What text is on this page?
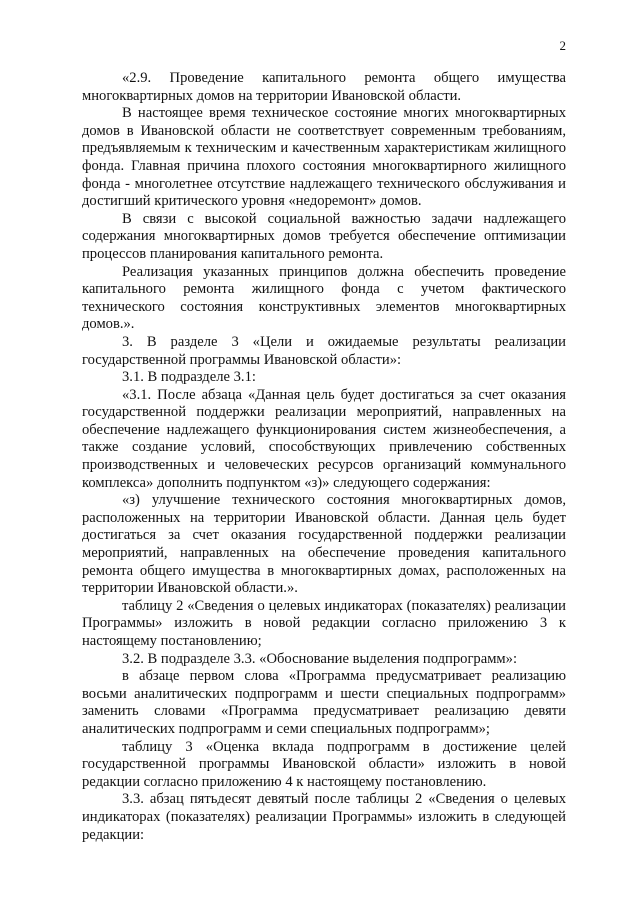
2

«2.9. Проведение капитального ремонта общего имущества многоквартирных домов на территории Ивановской области.

В настоящее время техническое состояние многих многоквартирных домов в Ивановской области не соответствует современным требованиям, предъявляемым к техническим и качественным характеристикам жилищного фонда. Главная причина плохого состояния многоквартирного жилищного фонда - многолетнее отсутствие надлежащего технического обслуживания и достигший критического уровня «недоремонт» домов.

В связи с высокой социальной важностью задачи надлежащего содержания многоквартирных домов требуется обеспечение оптимизации процессов планирования капитального ремонта.

Реализация указанных принципов должна обеспечить проведение капитального ремонта жилищного фонда с учетом фактического технического состояния конструктивных элементов многоквартирных домов.».

3. В разделе 3 «Цели и ожидаемые результаты реализации государственной программы Ивановской области»:

3.1. В подразделе 3.1:

«3.1. После абзаца «Данная цель будет достигаться за счет оказания государственной поддержки реализации мероприятий, направленных на обеспечение надлежащего функционирования систем жизнеобеспечения, а также создание условий, способствующих привлечению собственных производственных и человеческих ресурсов организаций коммунального комплекса» дополнить подпунктом «з)» следующего содержания:

«з) улучшение технического состояния многоквартирных домов, расположенных на территории Ивановской области. Данная цель будет достигаться за счет оказания государственной поддержки реализации мероприятий, направленных на обеспечение проведения капитального ремонта общего имущества в многоквартирных домах, расположенных на территории Ивановской области.».

таблицу 2 «Сведения о целевых индикаторах (показателях) реализации Программы» изложить в новой редакции согласно приложению 3 к настоящему постановлению;

3.2. В подразделе 3.3. «Обоснование выделения подпрограмм»:

в абзаце первом слова «Программа предусматривает реализацию восьми аналитических подпрограмм и шести специальных подпрограмм» заменить словами «Программа предусматривает реализацию девяти аналитических подпрограмм и семи специальных подпрограмм»;

таблицу 3 «Оценка вклада подпрограмм в достижение целей государственной программы Ивановской области» изложить в новой редакции согласно приложению 4 к настоящему постановлению.

3.3. абзац пятьдесят девятый после таблицы 2 «Сведения о целевых индикаторах (показателях) реализации Программы» изложить в следующей редакции:
